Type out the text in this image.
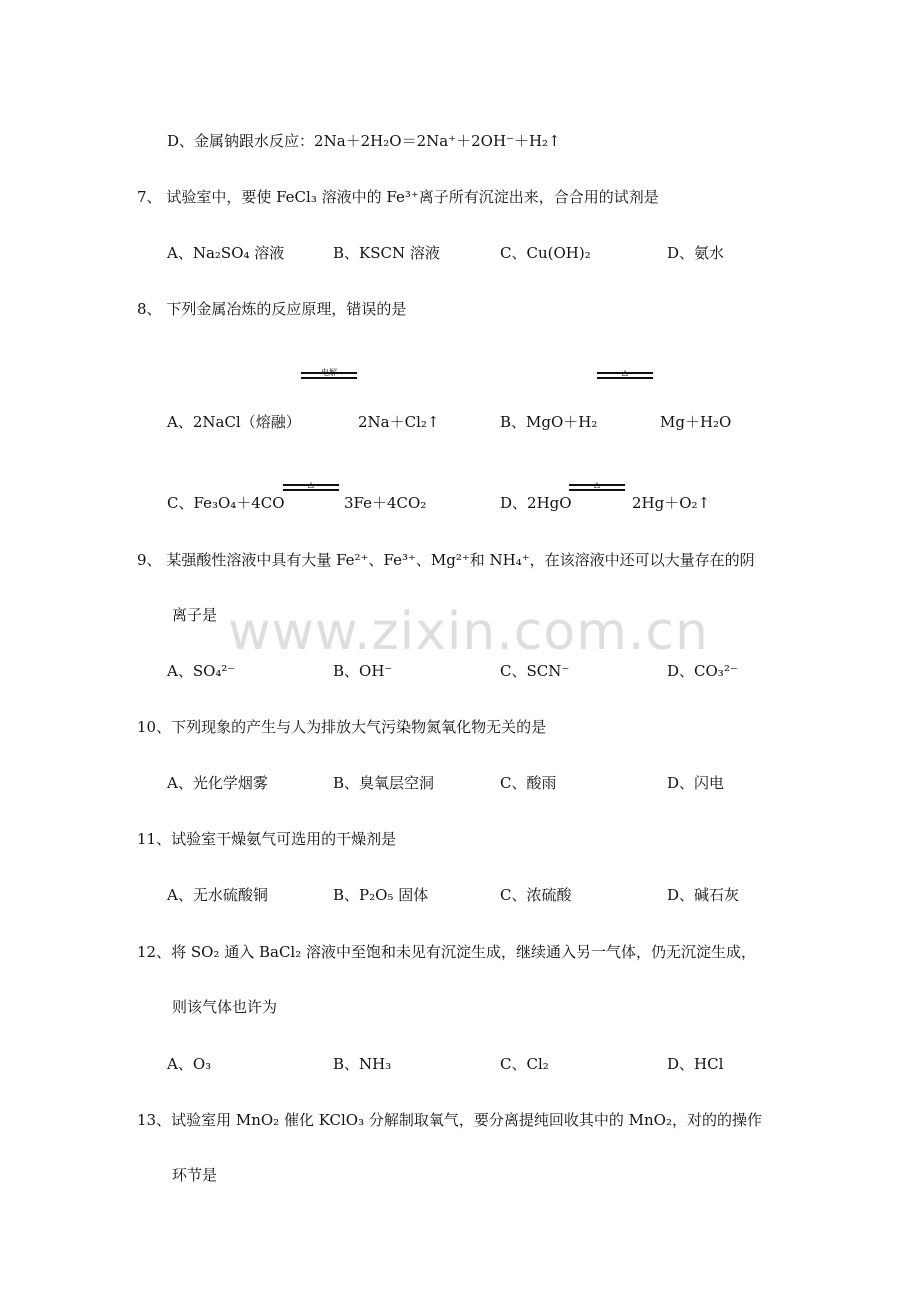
www.zixin.com.cn
D、金属钠跟水反应：2Na＋2H₂O＝2Na⁺＋2OH⁻＋H₂↑
7、 试验室中，要使 FeCl₃ 溶液中的 Fe³⁺离子所有沉淀出来，合合用的试剂是
A、Na₂SO₄ 溶液	B、KSCN 溶液	C、Cu(OH)₂	D、氨水
8、 下列金属冶炼的反应原理，错误的是
电解
A、2NaCl（熔融）	2Na＋Cl₂↑
△
B、MgO＋H₂	Mg＋H₂O
△
C、Fe₃O₄＋4CO	3Fe＋4CO₂
△
D、2HgO	2Hg＋O₂↑
9、 某强酸性溶液中具有大量 Fe²⁺、Fe³⁺、Mg²⁺和 NH₄⁺，在该溶液中还可以大量存在的阴
离子是
A、SO₄²⁻	B、OH⁻	C、SCN⁻	D、CO₃²⁻
10、下列现象的产生与人为排放大气污染物氮氧化物无关的是
A、光化学烟雾	B、臭氧层空洞	C、酸雨	D、闪电
11、试验室干燥氨气可选用的干燥剂是
A、无水硫酸铜	B、P₂O₅ 固体	C、浓硫酸	D、碱石灰
12、将 SO₂ 通入 BaCl₂ 溶液中至饱和未见有沉淀生成，继续通入另一气体，仍无沉淀生成，
则该气体也许为
A、O₃	B、NH₃	C、Cl₂	D、HCl
13、试验室用 MnO₂ 催化 KClO₃ 分解制取氧气，要分离提纯回收其中的 MnO₂，对的的操作
环节是
